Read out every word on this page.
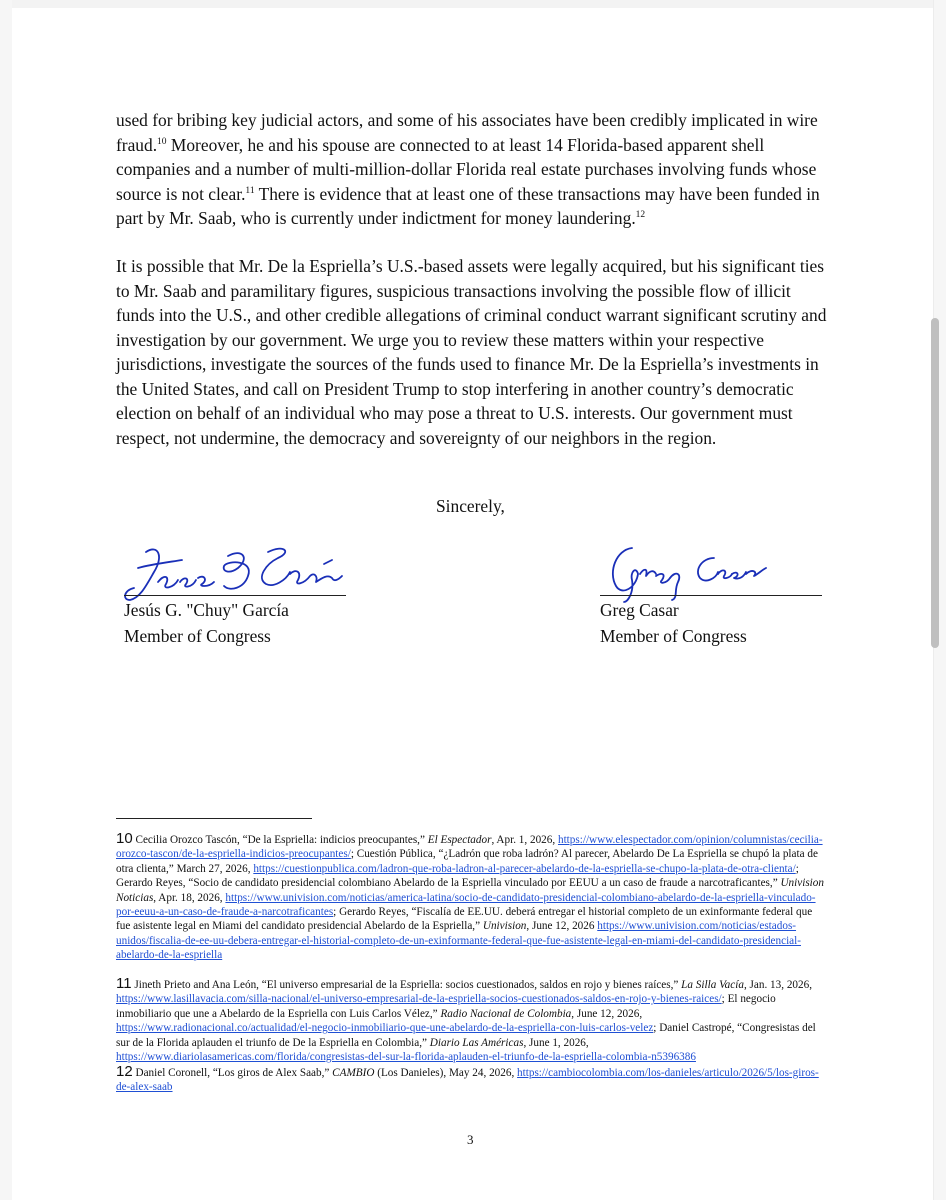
used for bribing key judicial actors, and some of his associates have been credibly implicated in wire fraud.$^{10}$ Moreover, he and his spouse are connected to at least 14 Florida-based apparent shell companies and a number of multi-million-dollar Florida real estate purchases involving funds whose source is not clear.$^{11}$ There is evidence that at least one of these transactions may have been funded in part by Mr. Saab, who is currently under indictment for money laundering.$^{12}$

It is possible that Mr. De la Espriella’s U.S.-based assets were legally acquired, but his significant ties to Mr. Saab and paramilitary figures, suspicious transactions involving the possible flow of illicit funds into the U.S., and other credible allegations of criminal conduct warrant significant scrutiny and investigation by our government. We urge you to review these matters within your respective jurisdictions, investigate the sources of the funds used to finance Mr. De la Espriella’s investments in the United States, and call on President Trump to stop interfering in another country’s democratic election on behalf of an individual who may pose a threat to U.S. interests. Our government must respect, not undermine, the democracy and sovereignty of our neighbors in the region.

Sincerely,

Jesús G. "Chuy" García
Member of Congress
Greg Casar
Member of Congress

10 Cecilia Orozco Tascón, “De la Espriella: indicios preocupantes,” El Espectador, Apr. 1, 2026, https://www.elespectador.com/opinion/columnistas/cecilia-orozco-tascon/de-la-espriella-indicios-preocupantes/; Cuestión Pública, “¿Ladrón que roba ladrón? Al parecer, Abelardo De La Espriella se chupó la plata de otra clienta,” March 27, 2026, https://cuestionpublica.com/ladron-que-roba-ladron-al-parecer-abelardo-de-la-espriella-se-chupo-la-plata-de-otra-clienta/; Gerardo Reyes, “Socio de candidato presidencial colombiano Abelardo de la Espriella vinculado por EEUU a un caso de fraude a narcotraficantes,” Univision Noticias, Apr. 18, 2026, https://www.univision.com/noticias/america-latina/socio-de-candidato-presidencial-colombiano-abelardo-de-la-espriella-vinculado-por-eeuu-a-un-caso-de-fraude-a-narcotraficantes; Gerardo Reyes, “Fiscalía de EE.UU. deberá entregar el historial completo de un exinformante federal que fue asistente legal en Miami del candidato presidencial Abelardo de la Espriella,” Univision, June 12, 2026 https://www.univision.com/noticias/estados-unidos/fiscalia-de-ee-uu-debera-entregar-el-historial-completo-de-un-exinformante-federal-que-fue-asistente-legal-en-miami-del-candidato-presidencial-abelardo-de-la-espriella

11 Jineth Prieto and Ana León, “El universo empresarial de la Espriella: socios cuestionados, saldos en rojo y bienes raíces,” La Silla Vacía, Jan. 13, 2026, https://www.lasillavacia.com/silla-nacional/el-universo-empresarial-de-la-espriella-socios-cuestionados-saldos-en-rojo-y-bienes-raices/; El negocio inmobiliario que une a Abelardo de la Espriella con Luis Carlos Vélez,” Radio Nacional de Colombia, June 12, 2026, https://www.radionacional.co/actualidad/el-negocio-inmobiliario-que-une-abelardo-de-la-espriella-con-luis-carlos-velez; Daniel Castropé, “Congresistas del sur de la Florida aplauden el triunfo de De la Espriella en Colombia,” Diario Las Américas, June 1, 2026, https://www.diariolasamericas.com/florida/congresistas-del-sur-la-florida-aplauden-el-triunfo-de-la-espriella-colombia-n5396386

12 Daniel Coronell, “Los giros de Alex Saab,” CAMBIO (Los Danieles), May 24, 2026, https://cambiocolombia.com/los-danieles/articulo/2026/5/los-giros-de-alex-saab

3
